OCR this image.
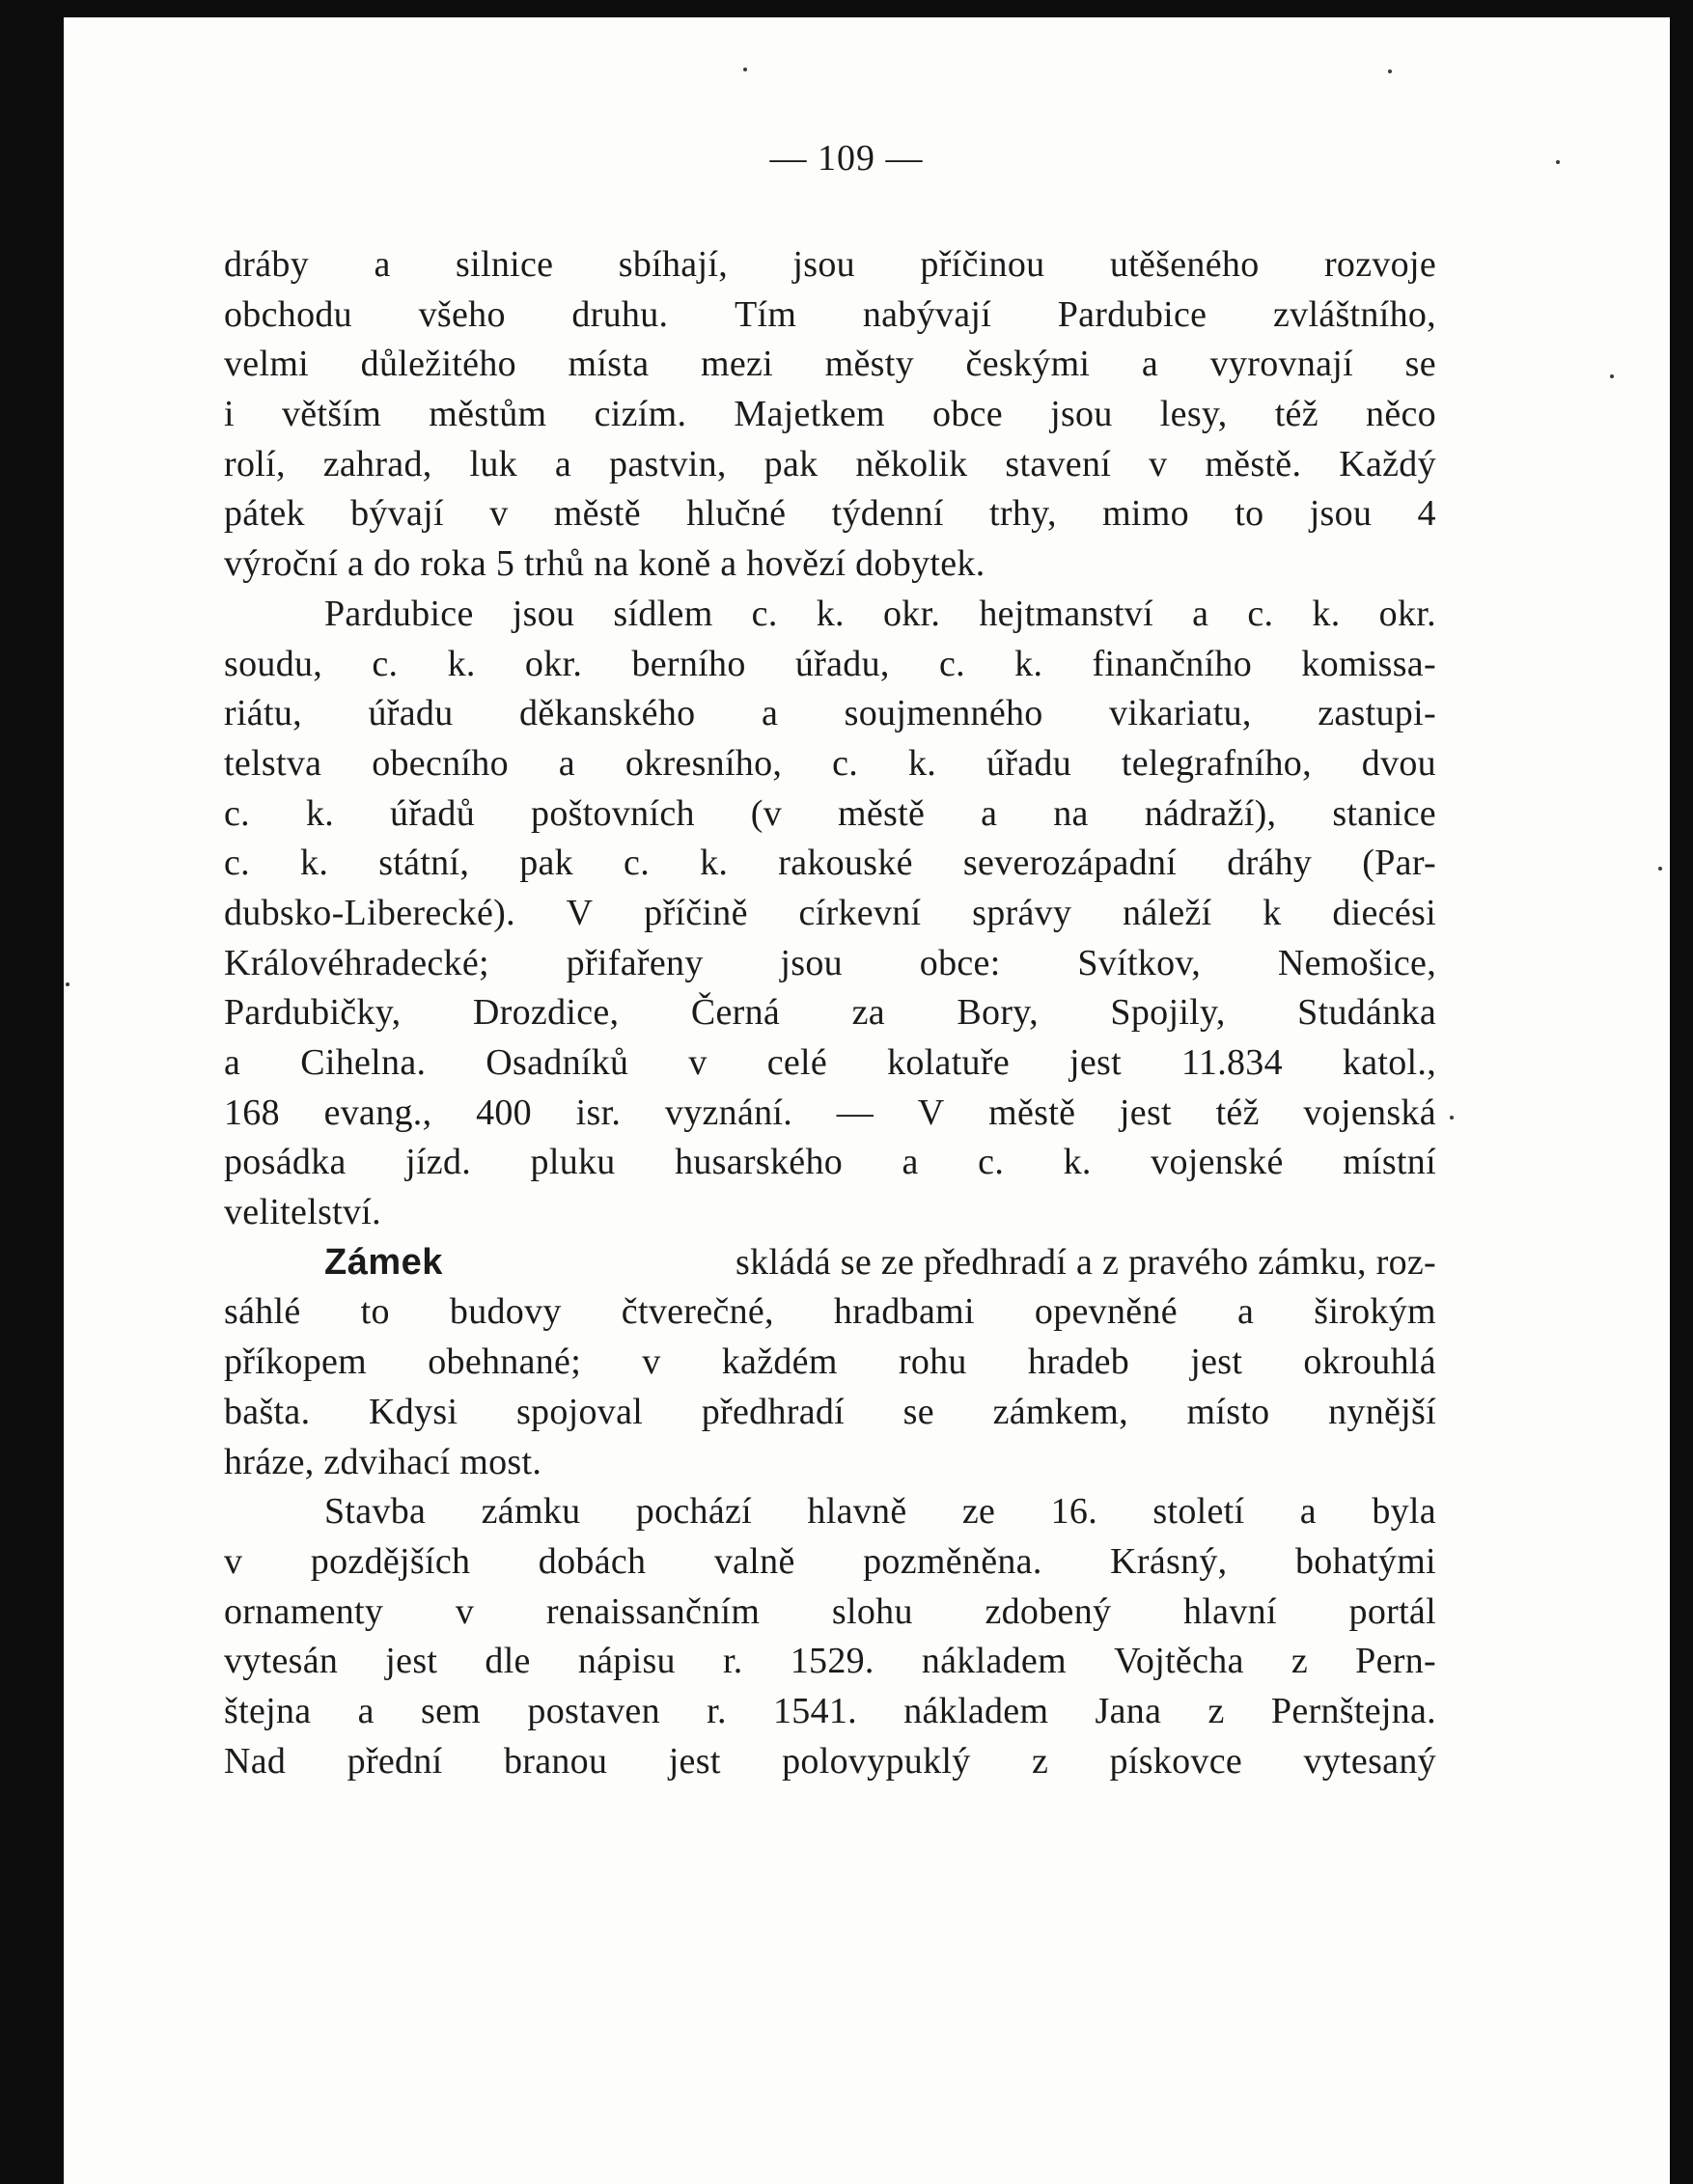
— 109 —
dráby a silnice sbíhají, jsou příčinou utěšeného rozvoje
obchodu všeho druhu. Tím nabývají Pardubice zvláštního,
velmi důležitého místa mezi městy českými a vyrovnají se
i větším městům cizím. Majetkem obce jsou lesy, též něco
rolí, zahrad, luk a pastvin, pak několik stavení v městě. Každý
pátek bývají v městě hlučné týdenní trhy, mimo to jsou 4
výroční a do roka 5 trhů na koně a hovězí dobytek.
Pardubice jsou sídlem c. k. okr. hejtmanství a c. k. okr.
soudu, c. k. okr. berního úřadu, c. k. finančního komissa-
riátu, úřadu děkanského a soujmenného vikariatu, zastupi-
telstva obecního a okresního, c. k. úřadu telegrafního, dvou
c. k. úřadů poštovních (v městě a na nádraží), stanice
c. k. státní, pak c. k. rakouské severozápadní dráhy (Par-
dubsko-Liberecké). V příčině církevní správy náleží k diecési
Královéhradecké; přifařeny jsou obce: Svítkov, Nemošice,
Pardubičky, Drozdice, Černá za Bory, Spojily, Studánka
a Cihelna. Osadníků v celé kolatuře jest 11.834 katol.,
168 evang., 400 isr. vyznání. — V městě jest též vojenská
posádka jízd. pluku husarského a c. k. vojenské místní
velitelství.
Zámek	skládá se ze předhradí a z pravého zámku, roz-
sáhlé to budovy čtverečné, hradbami opevněné a širokým
příkopem obehnané; v každém rohu hradeb jest okrouhlá
bašta. Kdysi spojoval předhradí se zámkem, místo nynější
hráze, zdvihací most.
Stavba zámku pochází hlavně ze 16. století a byla
v pozdějších dobách valně pozměněna. Krásný, bohatými
ornamenty v renaissančním slohu zdobený hlavní portál
vytesán jest dle nápisu r. 1529. nákladem Vojtěcha z Pern-
štejna a sem postaven r. 1541. nákladem Jana z Pernštejna.
Nad přední branou jest polovypuklý z pískovce vytesaný
